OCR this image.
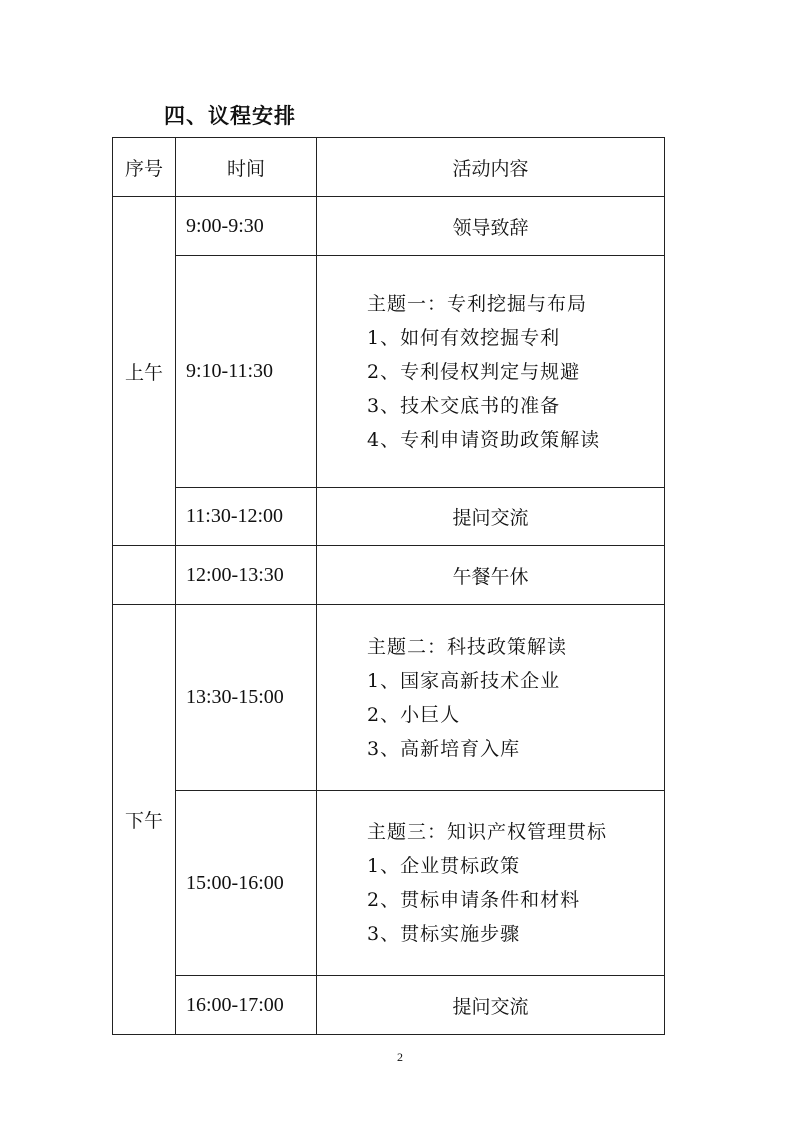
四、议程安排
序号	时间	活动内容
上午	9:00-9:30	领导致辞
	9:10-11:30	主题一：专利挖掘与布局
1、如何有效挖掘专利
2、专利侵权判定与规避
3、技术交底书的准备
4、专利申请资助政策解读

	11:30-12:00	提问交流
	12:00-13:30	午餐午休
下午	13:30-15:00	主题二：科技政策解读
1、国家高新技术企业
2、小巨人
3、高新培育入库

	15:00-16:00	主题三：知识产权管理贯标
1、企业贯标政策
2、贯标申请条件和材料
3、贯标实施步骤

	16:00-17:00	提问交流
2
